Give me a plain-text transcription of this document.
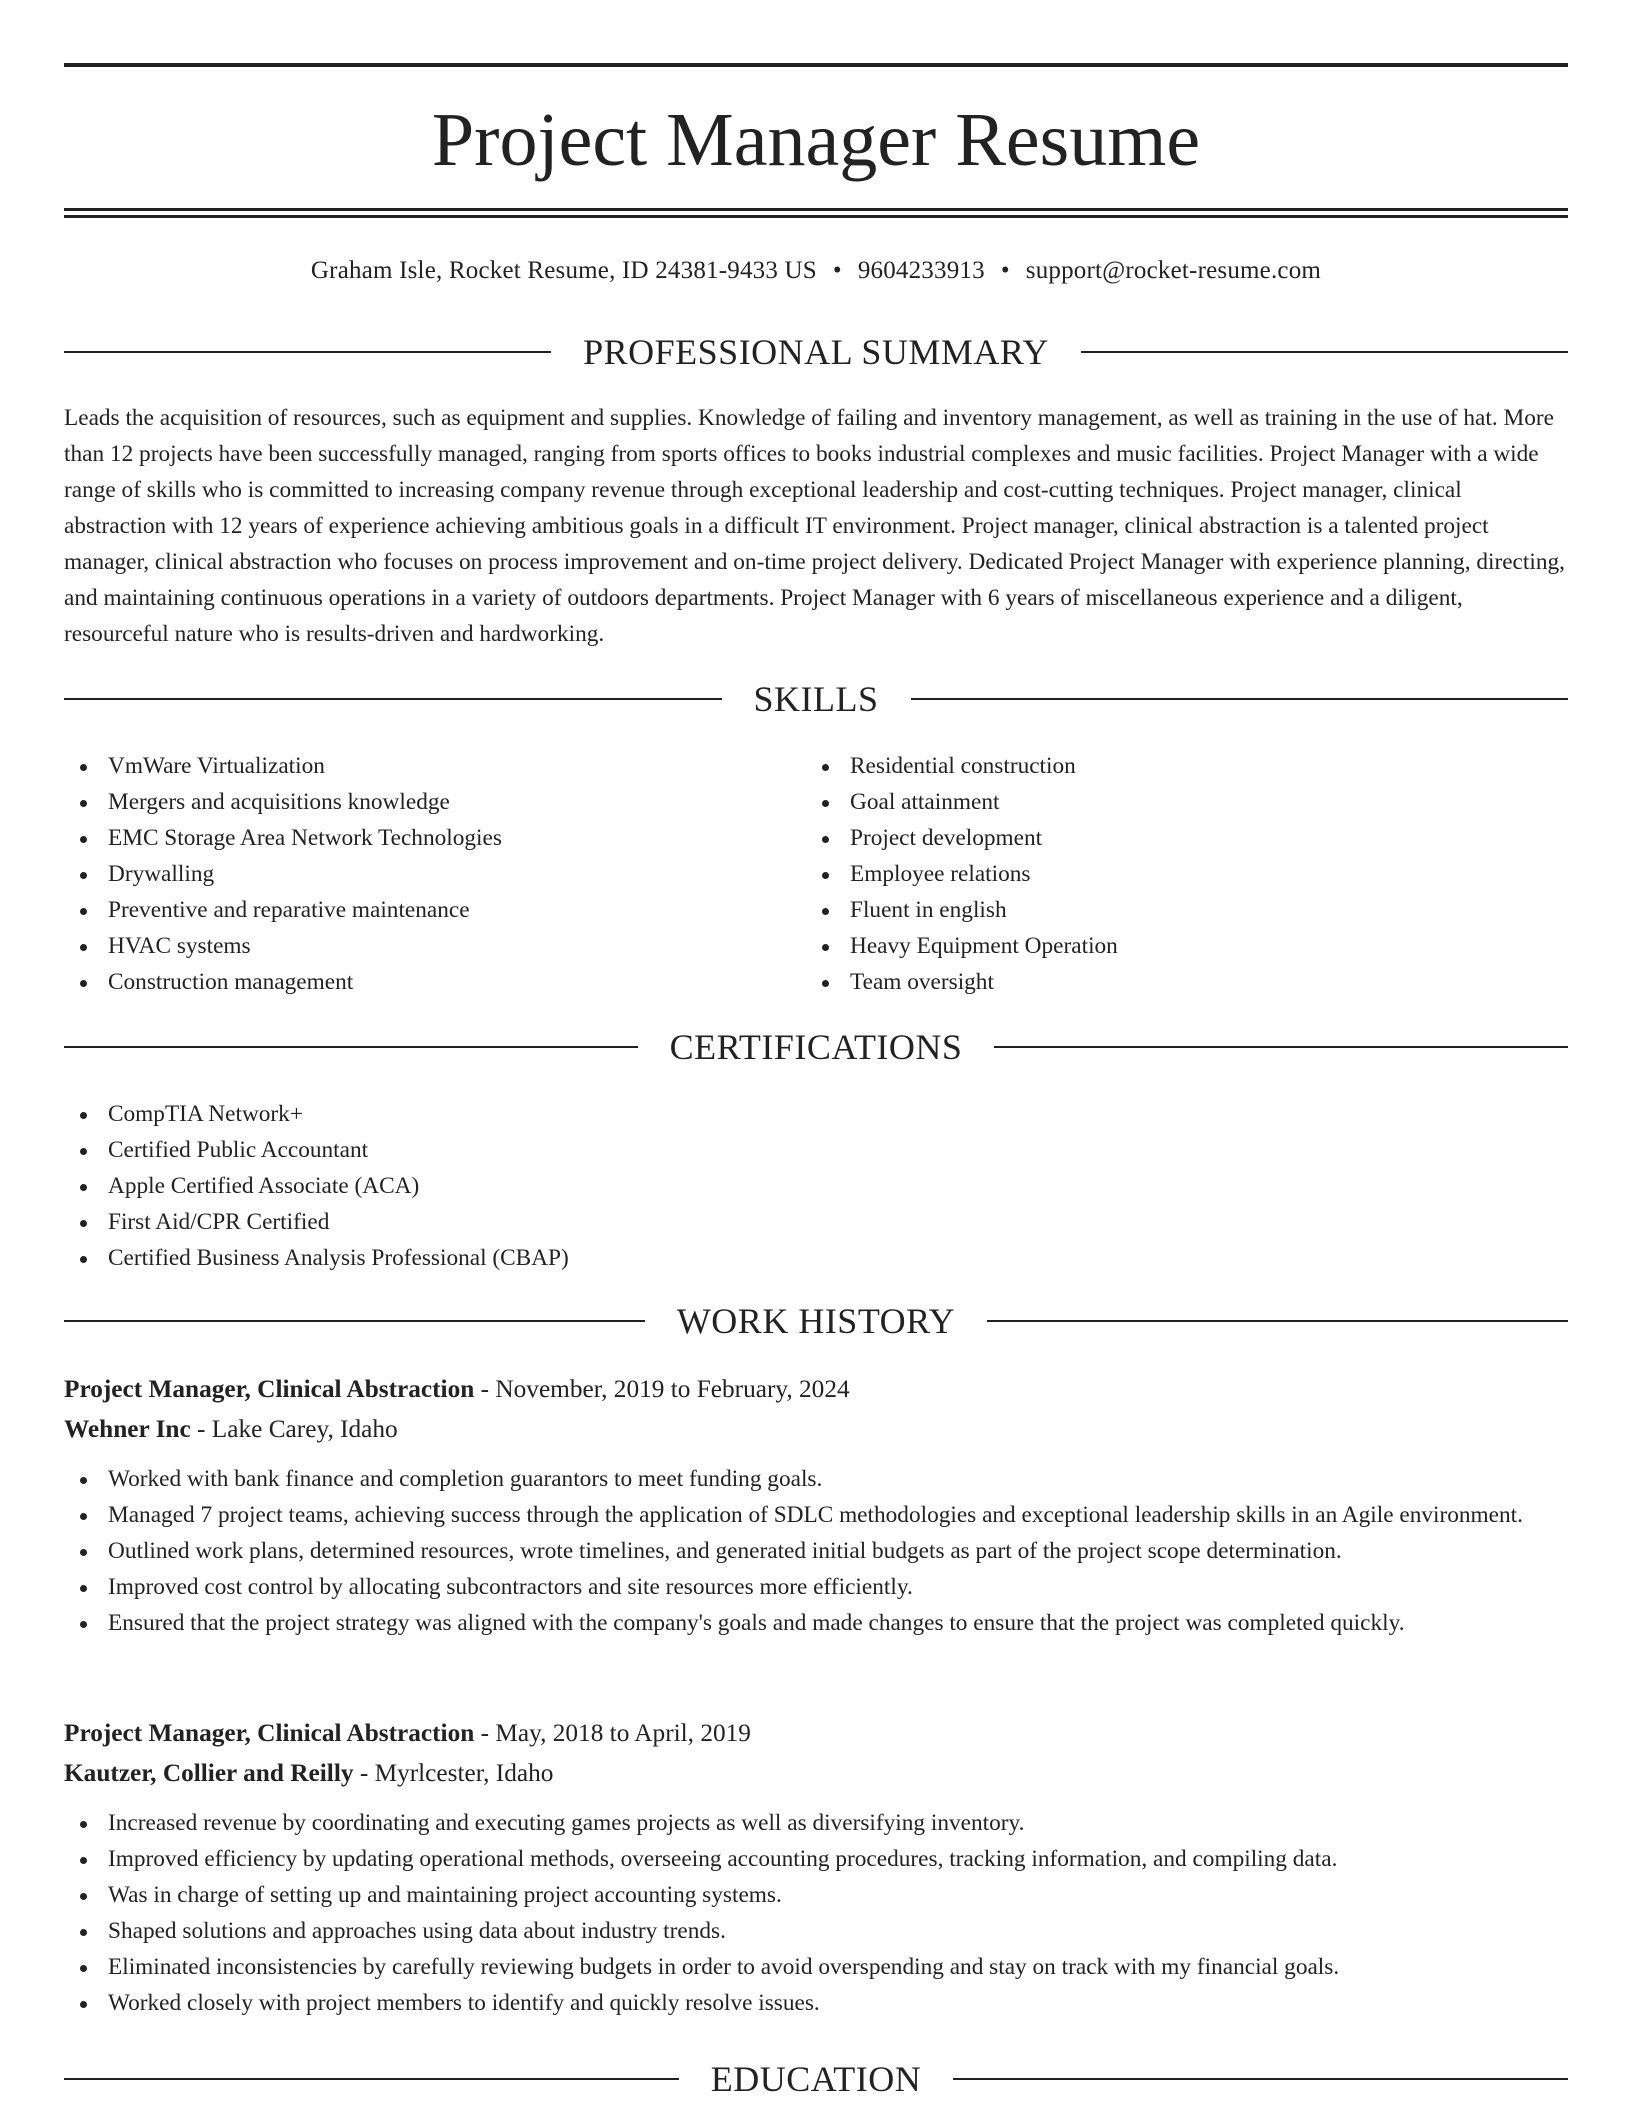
Project Manager Resume
Graham Isle, Rocket Resume, ID 24381-9433 US • 9604233913 • support@rocket-resume.com
PROFESSIONAL SUMMARY

Leads the acquisition of resources, such as equipment and supplies. Knowledge of failing and inventory management, as well as training in the use of hat. More than 12 projects have been successfully managed, ranging from sports offices to books industrial complexes and music facilities. Project Manager with a wide range of skills who is committed to increasing company revenue through exceptional leadership and cost-cutting techniques. Project manager, clinical abstraction with 12 years of experience achieving ambitious goals in a difficult IT environment. Project manager, clinical abstraction is a talented project manager, clinical abstraction who focuses on process improvement and on-time project delivery. Dedicated Project Manager with experience planning, directing, and maintaining continuous operations in a variety of outdoors departments. Project Manager with 6 years of miscellaneous experience and a diligent, resourceful nature who is results-driven and hardworking.

SKILLS
VmWare Virtualization
Mergers and acquisitions knowledge
EMC Storage Area Network Technologies
Drywalling
Preventive and reparative maintenance
HVAC systems
Construction management
Residential construction
Goal attainment
Project development
Employee relations
Fluent in english
Heavy Equipment Operation
Team oversight
CERTIFICATIONS
CompTIA Network+
Certified Public Accountant
Apple Certified Associate (ACA)
First Aid/CPR Certified
Certified Business Analysis Professional (CBAP)
WORK HISTORY
Project Manager, Clinical Abstraction - November, 2019 to February, 2024
Wehner Inc - Lake Carey, Idaho
Worked with bank finance and completion guarantors to meet funding goals.
Managed 7 project teams, achieving success through the application of SDLC methodologies and exceptional leadership skills in an Agile environment.
Outlined work plans, determined resources, wrote timelines, and generated initial budgets as part of the project scope determination.
Improved cost control by allocating subcontractors and site resources more efficiently.
Ensured that the project strategy was aligned with the company's goals and made changes to ensure that the project was completed quickly.
Project Manager, Clinical Abstraction - May, 2018 to April, 2019
Kautzer, Collier and Reilly - Myrlcester, Idaho
Increased revenue by coordinating and executing games projects as well as diversifying inventory.
Improved efficiency by updating operational methods, overseeing accounting procedures, tracking information, and compiling data.
Was in charge of setting up and maintaining project accounting systems.
Shaped solutions and approaches using data about industry trends.
Eliminated inconsistencies by carefully reviewing budgets in order to avoid overspending and stay on track with my financial goals.
Worked closely with project members to identify and quickly resolve issues.
EDUCATION
